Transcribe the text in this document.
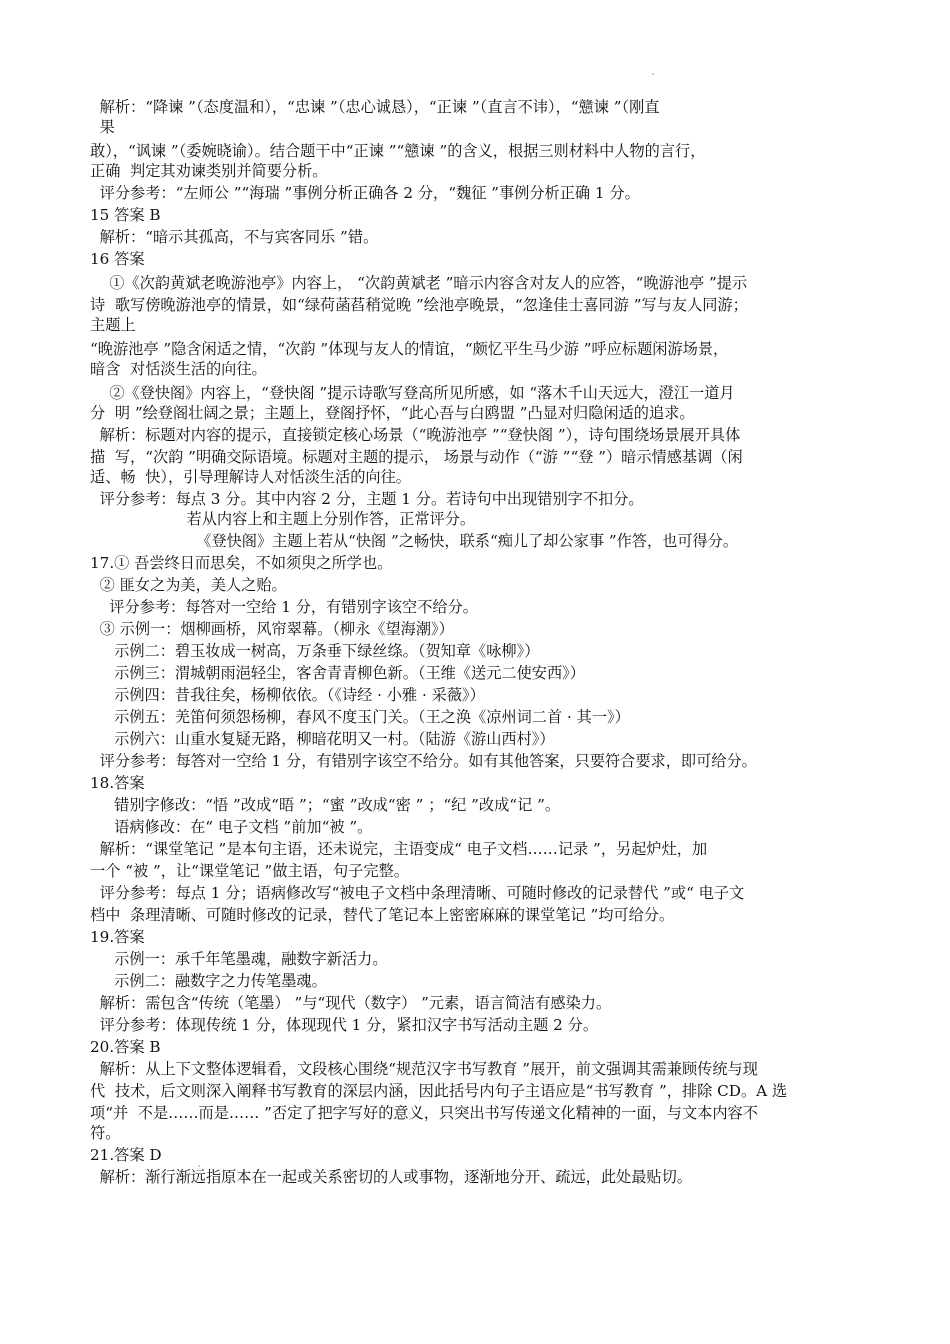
解析：“降谏 ”（态度温和），“忠谏 ”（忠心诚恳），“正谏 ”（直言不讳），“戆谏 ”（刚直
果
敢），“讽谏 ”（委婉晓谕）。结合题干中“正谏 ”“戆谏 ”的含义，根据三则材料中人物的言行，
正确  判定其劝谏类别并简要分析。
评分参考：“左师公 ”“海瑞 ”事例分析正确各 2 分，“魏征 ”事例分析正确 1 分。
15 答案 B
解析：“暗示其孤高，不与宾客同乐 ”错。
16 答案
①《次韵黄斌老晚游池亭》内容上， “次韵黄斌老 ”暗示内容含对友人的应答，“晚游池亭 ”提示
诗  歌写傍晚游池亭的情景，如“绿荷菡萏稍觉晚 ”绘池亭晚景，“忽逢佳士喜同游 ”写与友人同游；
主题上
“晚游池亭 ”隐含闲适之情，“次韵 ”体现与友人的情谊，“颇忆平生马少游 ”呼应标题闲游场景，
暗含  对恬淡生活的向往。
②《登快阁》内容上，“登快阁 ”提示诗歌写登高所见所感，如 “落木千山天远大，澄江一道月
分  明 ”绘登阁壮阔之景；主题上，登阁抒怀，“此心吾与白鸥盟 ”凸显对归隐闲适的追求。
解析：标题对内容的提示，直接锁定核心场景（“晚游池亭 ”“登快阁 ”），诗句围绕场景展开具体
描  写，“次韵 ”明确交际语境。标题对主题的提示， 场景与动作（“游 ”“登 ”）暗示情感基调（闲
适、畅  快），引导理解诗人对恬淡生活的向往。
评分参考：每点 3 分。其中内容 2 分，主题 1 分。若诗句中出现错别字不扣分。
若从内容上和主题上分别作答，正常评分。
《登快阁》主题上若从“快阁 ”之畅快，联系“痴儿了却公家事 ”作答，也可得分。
17.① 吾尝终日而思矣，不如须臾之所学也。
② 匪女之为美，美人之贻。
评分参考：每答对一空给 1 分，有错别字该空不给分。
③ 示例一：烟柳画桥，风帘翠幕。（柳永《望海潮》）
示例二：碧玉妆成一树高，万条垂下绿丝绦。（贺知章《咏柳》）
示例三：渭城朝雨浥轻尘，客舍青青柳色新。（王维《送元二使安西》）
示例四：昔我往矣，杨柳依依。（《诗经 · 小雅 · 采薇》）
示例五：羌笛何须怨杨柳，春风不度玉门关。（王之涣《凉州词二首 · 其一》）
示例六：山重水复疑无路，柳暗花明又一村。（陆游《游山西村》）
评分参考：每答对一空给 1 分，有错别字该空不给分。如有其他答案，只要符合要求，即可给分。
18.答案
错别字修改：“悟 ”改成“晤 ”；“蜜 ”改成“密 ” ；“纪 ”改成“记 ”。
语病修改：在“ 电子文档 ”前加“被 ”。
解析：“课堂笔记 ”是本句主语，还未说完，主语变成“ 电子文档……记录 ”，另起炉灶，加
一个 “被 ”，让“课堂笔记 ”做主语，句子完整。
评分参考：每点 1 分；语病修改写“被电子文档中条理清晰、可随时修改的记录替代 ”或“ 电子文
档中  条理清晰、可随时修改的记录，替代了笔记本上密密麻麻的课堂笔记 ”均可给分。
19.答案
示例一：承千年笔墨魂，融数字新活力。
示例二：融数字之力传笔墨魂。
解析：需包含“传统（笔墨） ”与“现代（数字） ”元素，语言简洁有感染力。
评分参考：体现传统 1 分，体现现代 1 分，紧扣汉字书写活动主题 2 分。
20.答案 B
解析：从上下文整体逻辑看，文段核心围绕“规范汉字书写教育 ”展开，前文强调其需兼顾传统与现
代  技术，后文则深入阐释书写教育的深层内涵，因此括号内句子主语应是“书写教育 ”，排除 CD。A 选
项“并  不是……而是…… ”否定了把字写好的意义，只突出书写传递文化精神的一面，与文本内容不
符。
21.答案 D
解析：渐行渐远指原本在一起或关系密切的人或事物，逐渐地分开、疏远，此处最贴切。
